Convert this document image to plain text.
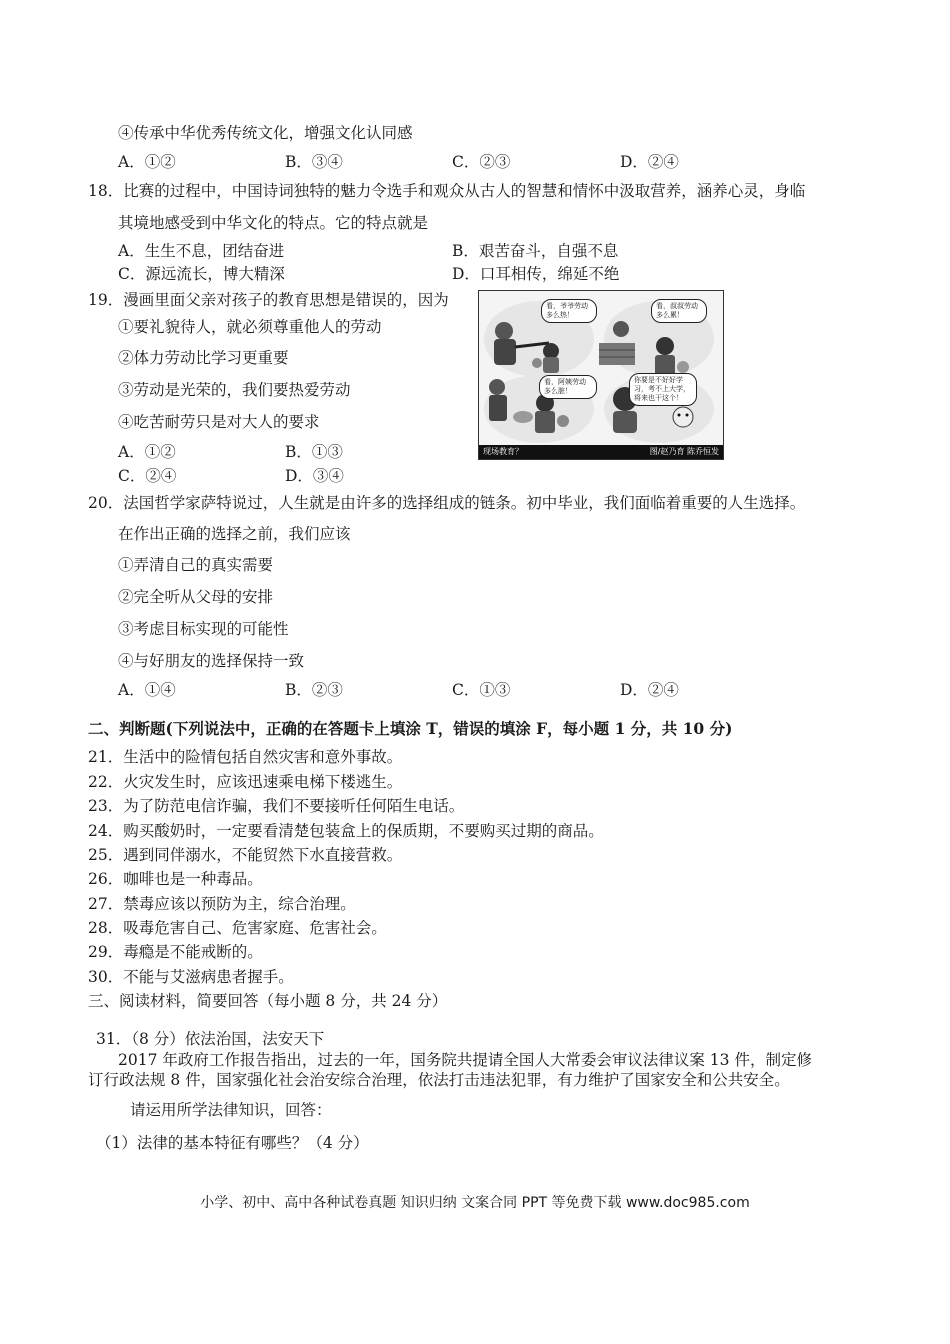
④传承中华优秀传统文化，增强文化认同感
A．①②	B．③④	C．②③	D．②④
18．比赛的过程中，中国诗词独特的魅力令选手和观众从古人的智慧和情怀中汲取营养，涵养心灵，身临
其境地感受到中华文化的特点。它的特点就是
A．生生不息，团结奋进	B．艰苦奋斗，自强不息
C．源远流长，博大精深	D．口耳相传，绵延不绝
19．漫画里面父亲对孩子的教育思想是错误的，因为
①要礼貌待人，就必须尊重他人的劳动
②体力劳动比学习更重要
③劳动是光荣的，我们要热爱劳动
④吃苦耐劳只是对大人的要求
A．①②	B．①③
C．②④	D．③④
看，爷爷劳动多么热！
看，叔叔劳动多么累！
看，阿姨劳动多么脏！
你要是不好好学习，考不上大学，将来也干这个！
现场教育？	图/赵乃育 陈乔恒发
20．法国哲学家萨特说过，人生就是由许多的选择组成的链条。初中毕业，我们面临着重要的人生选择。
在作出正确的选择之前，我们应该
①弄清自己的真实需要
②完全听从父母的安排
③考虑目标实现的可能性
④与好朋友的选择保持一致
A．①④	B．②③	C．①③	D．②④
二、判断题(下列说法中，正确的在答题卡上填涂 T，错误的填涂 F，每小题 1 分，共 10 分)
21．生活中的险情包括自然灾害和意外事故。
22．火灾发生时，应该迅速乘电梯下楼逃生。
23．为了防范电信诈骗，我们不要接听任何陌生电话。
24．购买酸奶时，一定要看清楚包装盒上的保质期，不要购买过期的商品。
25．遇到同伴溺水，不能贸然下水直接营救。
26．咖啡也是一种毒品。
27．禁毒应该以预防为主，综合治理。
28．吸毒危害自己、危害家庭、危害社会。
29．毒瘾是不能戒断的。
30．不能与艾滋病患者握手。
三、阅读材料，简要回答（每小题 8 分，共 24 分）
31．（8 分）依法治国，法安天下
2017 年政府工作报告指出，过去的一年，国务院共提请全国人大常委会审议法律议案 13 件，制定修
订行政法规 8 件，国家强化社会治安综合治理，依法打击违法犯罪，有力维护了国家安全和公共安全。
请运用所学法律知识，回答：
（1）法律的基本特征有哪些？（4 分）
小学、初中、高中各种试卷真题 知识归纳 文案合同 PPT 等免费下载 www.doc985.com
